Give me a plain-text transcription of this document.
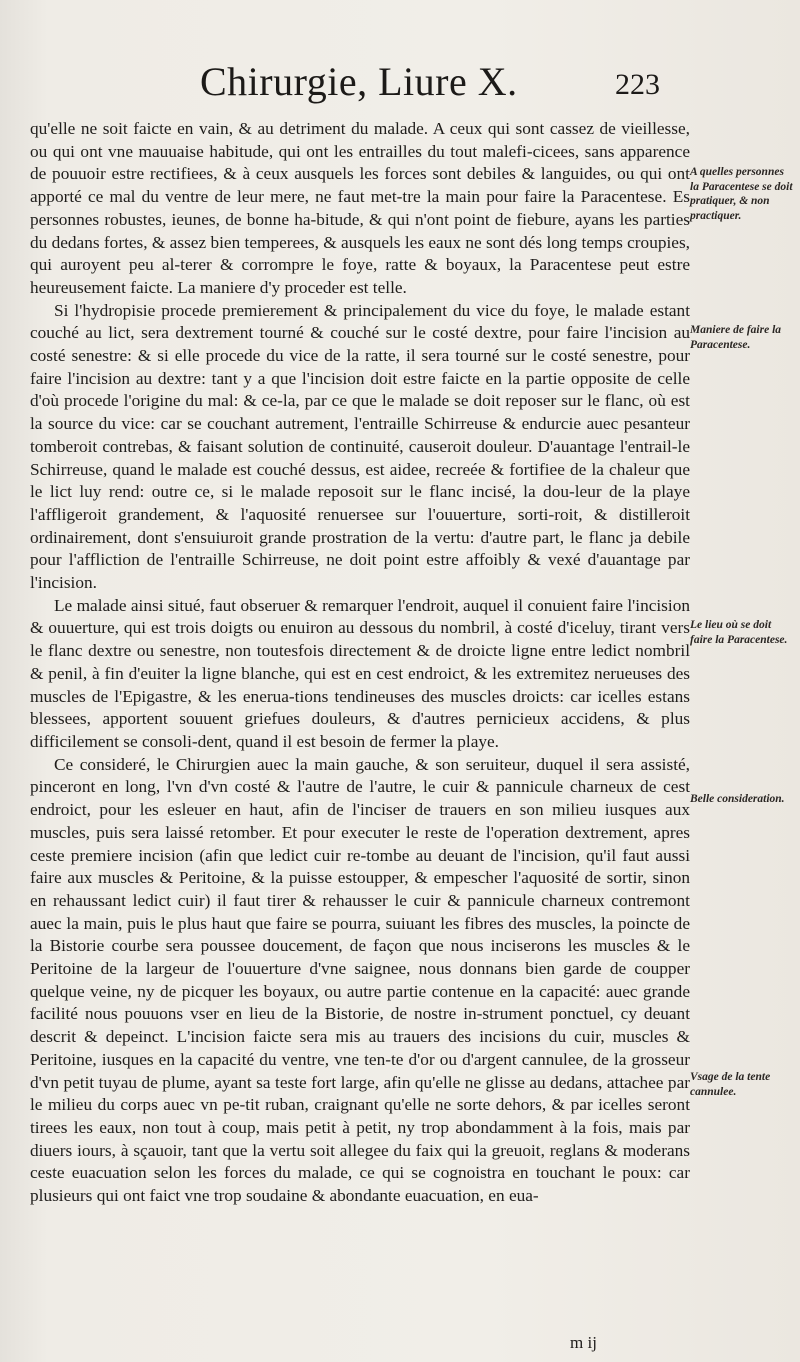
Chirurgie, Liure X.	223

qu'elle ne soit faicte en vain, & au detriment du malade. A ceux qui sont cassez de vieillesse, ou qui ont vne mauuaise habitude, qui ont les entrailles du tout malefi-cicees, sans apparence de pouuoir estre rectifiees, & à ceux ausquels les forces sont debiles & languides, ou qui ont apporté ce mal du ventre de leur mere, ne faut met-tre la main pour faire la Paracentese. Es personnes robustes, ieunes, de bonne ha-bitude, & qui n'ont point de fiebure, ayans les parties du dedans fortes, & assez bien temperees, & ausquels les eaux ne sont dés long temps croupies, qui auroyent peu al-terer & corrompre le foye, ratte & boyaux, la Paracentese peut estre heureusement faicte. La maniere d'y proceder est telle.

Si l'hydropisie procede premierement & principalement du vice du foye, le malade estant couché au lict, sera dextrement tourné & couché sur le costé dextre, pour faire l'incision au costé senestre: & si elle procede du vice de la ratte, il sera tourné sur le costé senestre, pour faire l'incision au dextre: tant y a que l'incision doit estre faicte en la partie opposite de celle d'où procede l'origine du mal: & ce-la, par ce que le malade se doit reposer sur le flanc, où est la source du vice: car se couchant autrement, l'entraille Schirreuse & endurcie auec pesanteur tomberoit contrebas, & faisant solution de continuité, causeroit douleur. D'auantage l'entrail-le Schirreuse, quand le malade est couché dessus, est aidee, recreée & fortifiee de la chaleur que le lict luy rend: outre ce, si le malade reposoit sur le flanc incisé, la dou-leur de la playe l'affligeroit grandement, & l'aquosité renuersee sur l'ouuerture, sorti-roit, & distilleroit ordinairement, dont s'ensuiuroit grande prostration de la vertu: d'autre part, le flanc ja debile pour l'affliction de l'entraille Schirreuse, ne doit point estre affoibly & vexé d'auantage par l'incision.

Le malade ainsi situé, faut obseruer & remarquer l'endroit, auquel il conuient faire l'incision & ouuerture, qui est trois doigts ou enuiron au dessous du nombril, à costé d'iceluy, tirant vers le flanc dextre ou senestre, non toutesfois directement & de droicte ligne entre ledict nombril & penil, à fin d'euiter la ligne blanche, qui est en cest endroict, & les extremitez nerueuses des muscles de l'Epigastre, & les enerua-tions tendineuses des muscles droicts: car icelles estans blessees, apportent souuent griefues douleurs, & d'autres pernicieux accidens, & plus difficilement se consoli-dent, quand il est besoin de fermer la playe.

Ce consideré, le Chirurgien auec la main gauche, & son seruiteur, duquel il sera assisté, pinceront en long, l'vn d'vn costé & l'autre de l'autre, le cuir & pannicule charneux de cest endroict, pour les esleuer en haut, afin de l'inciser de trauers en son milieu iusques aux muscles, puis sera laissé retomber. Et pour executer le reste de l'operation dextrement, apres ceste premiere incision (afin que ledict cuir re-tombe au deuant de l'incision, qu'il faut aussi faire aux muscles & Peritoine, & la puisse estoupper, & empescher l'aquosité de sortir, sinon en rehaussant ledict cuir) il faut tirer & rehausser le cuir & pannicule charneux contremont auec la main, puis le plus haut que faire se pourra, suiuant les fibres des muscles, la poincte de la Bistorie courbe sera poussee doucement, de façon que nous inciserons les muscles & le Peritoine de la largeur de l'ouuerture d'vne saignee, nous donnans bien garde de coupper quelque veine, ny de picquer les boyaux, ou autre partie contenue en la capacité: auec grande facilité nous pouuons vser en lieu de la Bistorie, de nostre in-strument ponctuel, cy deuant descrit & depeinct. L'incision faicte sera mis au trauers des incisions du cuir, muscles & Peritoine, iusques en la capacité du ventre, vne ten-te d'or ou d'argent cannulee, de la grosseur d'vn petit tuyau de plume, ayant sa teste fort large, afin qu'elle ne glisse au dedans, attachee par le milieu du corps auec vn pe-tit ruban, craignant qu'elle ne sorte dehors, & par icelles seront tirees les eaux, non tout à coup, mais petit à petit, ny trop abondamment à la fois, mais par diuers iours, à sçauoir, tant que la vertu soit allegee du faix qui la greuoit, reglans & moderans ceste euacuation selon les forces du malade, ce qui se cognoistra en touchant le poux: car plusieurs qui ont faict vne trop soudaine & abondante euacuation, en eua-

A quelles personnes la Paracentese se doit pratiquer, & non practiquer.
Maniere de faire la Paracentese.
Le lieu où se doit faire la Paracentese.
Belle consideration.
Vsage de la tente cannulee.
m ij
